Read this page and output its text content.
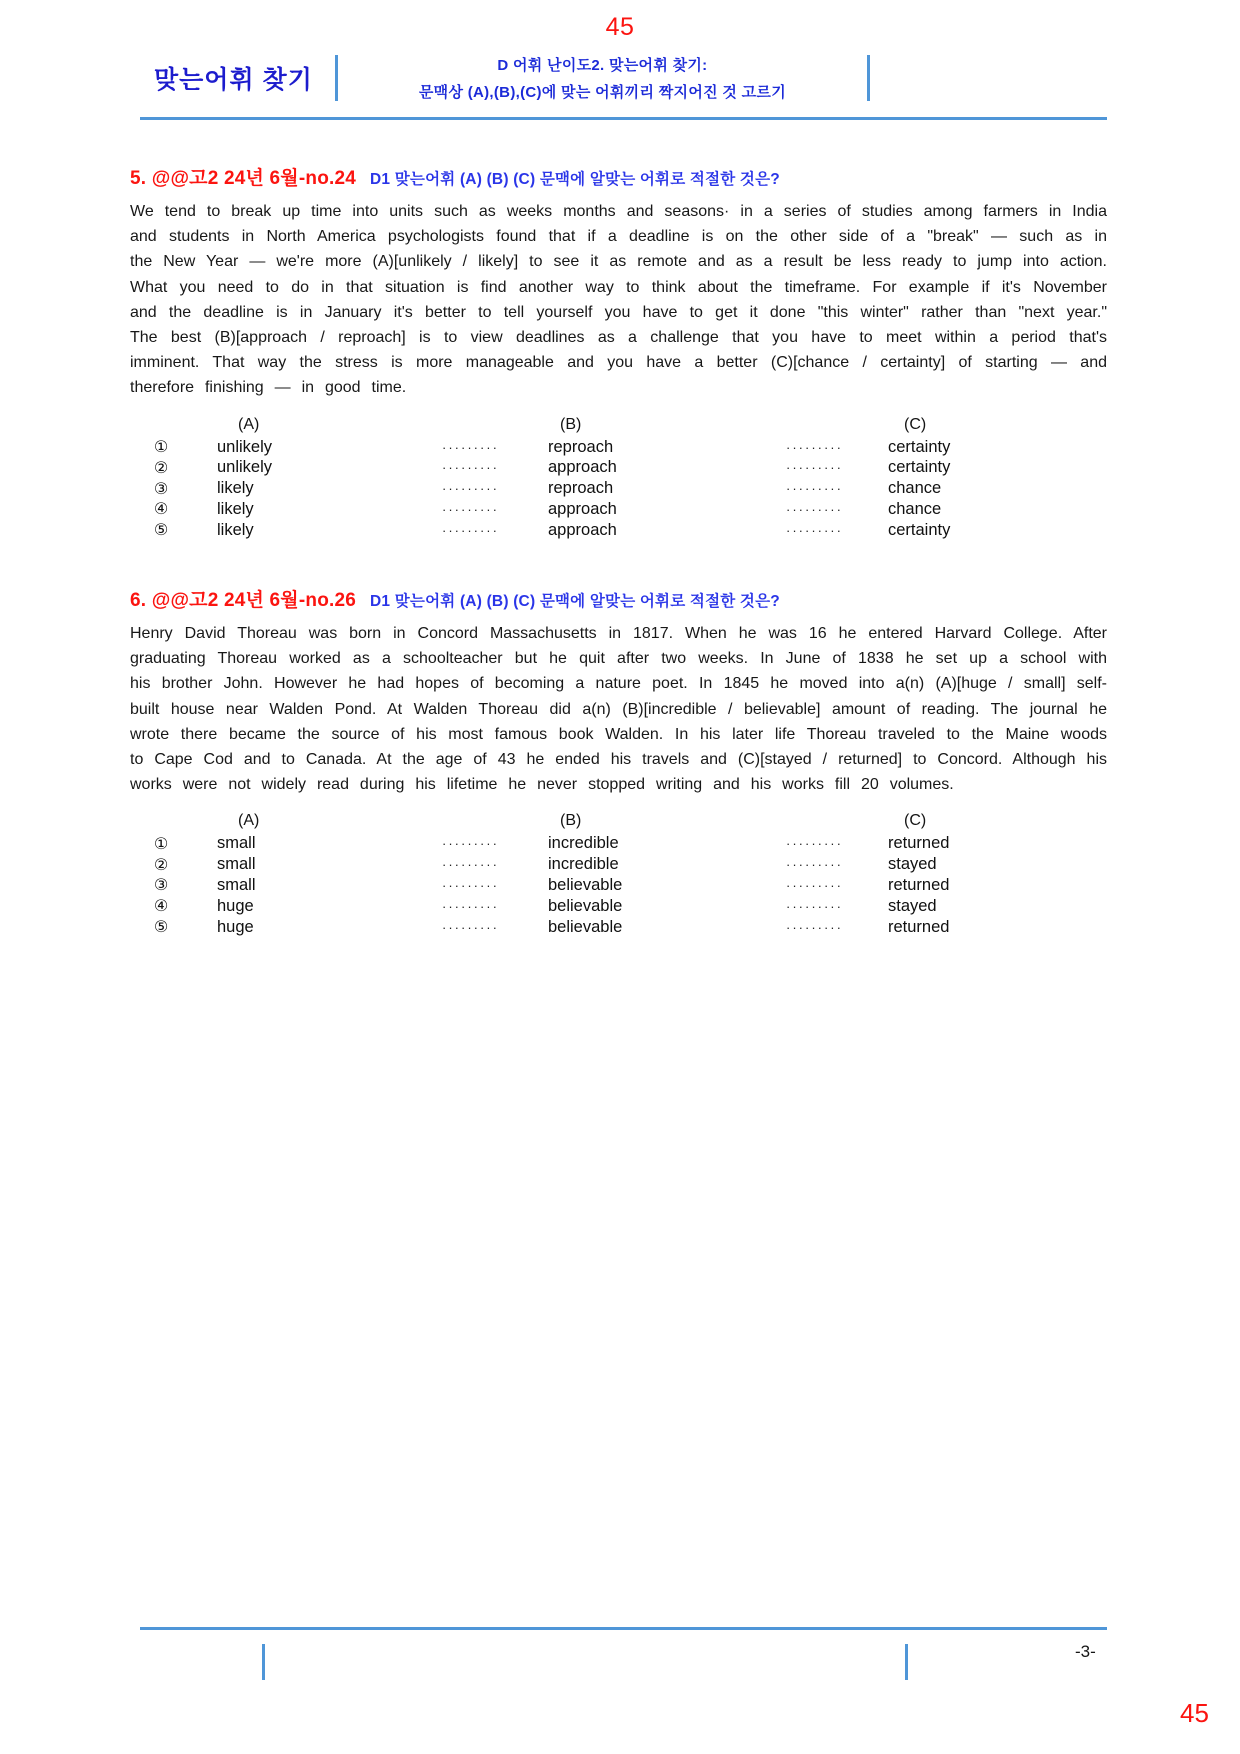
45
맞는어휘 찾기
D 어휘 난이도2. 맞는어휘 찾기:
문맥상 (A),(B),(C)에 맞는 어휘끼리 짝지어진 것 고르기
5. @@고2 24년 6월-no.24 D1 맞는어휘 (A) (B) (C) 문맥에 알맞는 어휘로 적절한 것은?

We tend to break up time into units such as weeks months and seasons· in a series of studies among farmers in India and students in North America psychologists found that if a deadline is on the other side of a "break" — such as in the New Year — we're more (A)[unlikely / likely] to see it as remote and as a result be less ready to jump into action. What you need to do in that situation is find another way to think about the timeframe. For example if it's November and the deadline is in January it's better to tell yourself you have to get it done "this winter" rather than "next year." The best (B)[approach / reproach] is to view deadlines as a challenge that you have to meet within a period that's imminent. That way the stress is more manageable and you have a better (C)[chance / certainty] of starting — and therefore finishing — in good time.

(A)	(B)	(C)
①	unlikely	·········	reproach	·········	certainty
②	unlikely	·········	approach	·········	certainty
③	likely	·········	reproach	·········	chance
④	likely	·········	approach	·········	chance
⑤	likely	·········	approach	·········	certainty
6. @@고2 24년 6월-no.26 D1 맞는어휘 (A) (B) (C) 문맥에 알맞는 어휘로 적절한 것은?

Henry David Thoreau was born in Concord Massachusetts in 1817. When he was 16 he entered Harvard College. After graduating Thoreau worked as a schoolteacher but he quit after two weeks. In June of 1838 he set up a school with his brother John. However he had hopes of becoming a nature poet. In 1845 he moved into a(n) (A)[huge / small] self-built house near Walden Pond. At Walden Thoreau did a(n) (B)[incredible / believable] amount of reading. The journal he wrote there became the source of his most famous book Walden. In his later life Thoreau traveled to the Maine woods to Cape Cod and to Canada. At the age of 43 he ended his travels and (C)[stayed / returned] to Concord. Although his works were not widely read during his lifetime he never stopped writing and his works fill 20 volumes.

(A)	(B)	(C)
①	small	·········	incredible	·········	returned
②	small	·········	incredible	·········	stayed
③	small	·········	believable	·········	returned
④	huge	·········	believable	·········	stayed
⑤	huge	·········	believable	·········	returned
-3-
45
